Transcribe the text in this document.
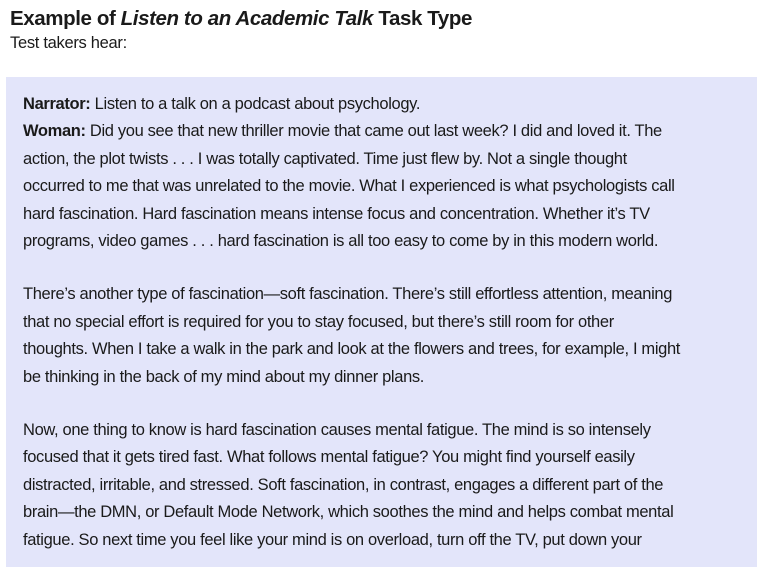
Example of Listen to an Academic Talk Task Type
Test takers hear:

Narrator: Listen to a talk on a podcast about psychology.

Woman: Did you see that new thriller movie that came out last week? I did and loved it. The

action, the plot twists . . . I was totally captivated. Time just flew by. Not a single thought

occurred to me that was unrelated to the movie. What I experienced is what psychologists call

hard fascination. Hard fascination means intense focus and concentration. Whether it’s TV

programs, video games . . . hard fascination is all too easy to come by in this modern world.

There’s another type of fascination—soft fascination. There’s still effortless attention, meaning

that no special effort is required for you to stay focused, but there’s still room for other

thoughts. When I take a walk in the park and look at the flowers and trees, for example, I might

be thinking in the back of my mind about my dinner plans.

Now, one thing to know is hard fascination causes mental fatigue. The mind is so intensely

focused that it gets tired fast. What follows mental fatigue? You might find yourself easily

distracted, irritable, and stressed. Soft fascination, in contrast, engages a different part of the

brain—the DMN, or Default Mode Network, which soothes the mind and helps combat mental

fatigue. So next time you feel like your mind is on overload, turn off the TV, put down your
